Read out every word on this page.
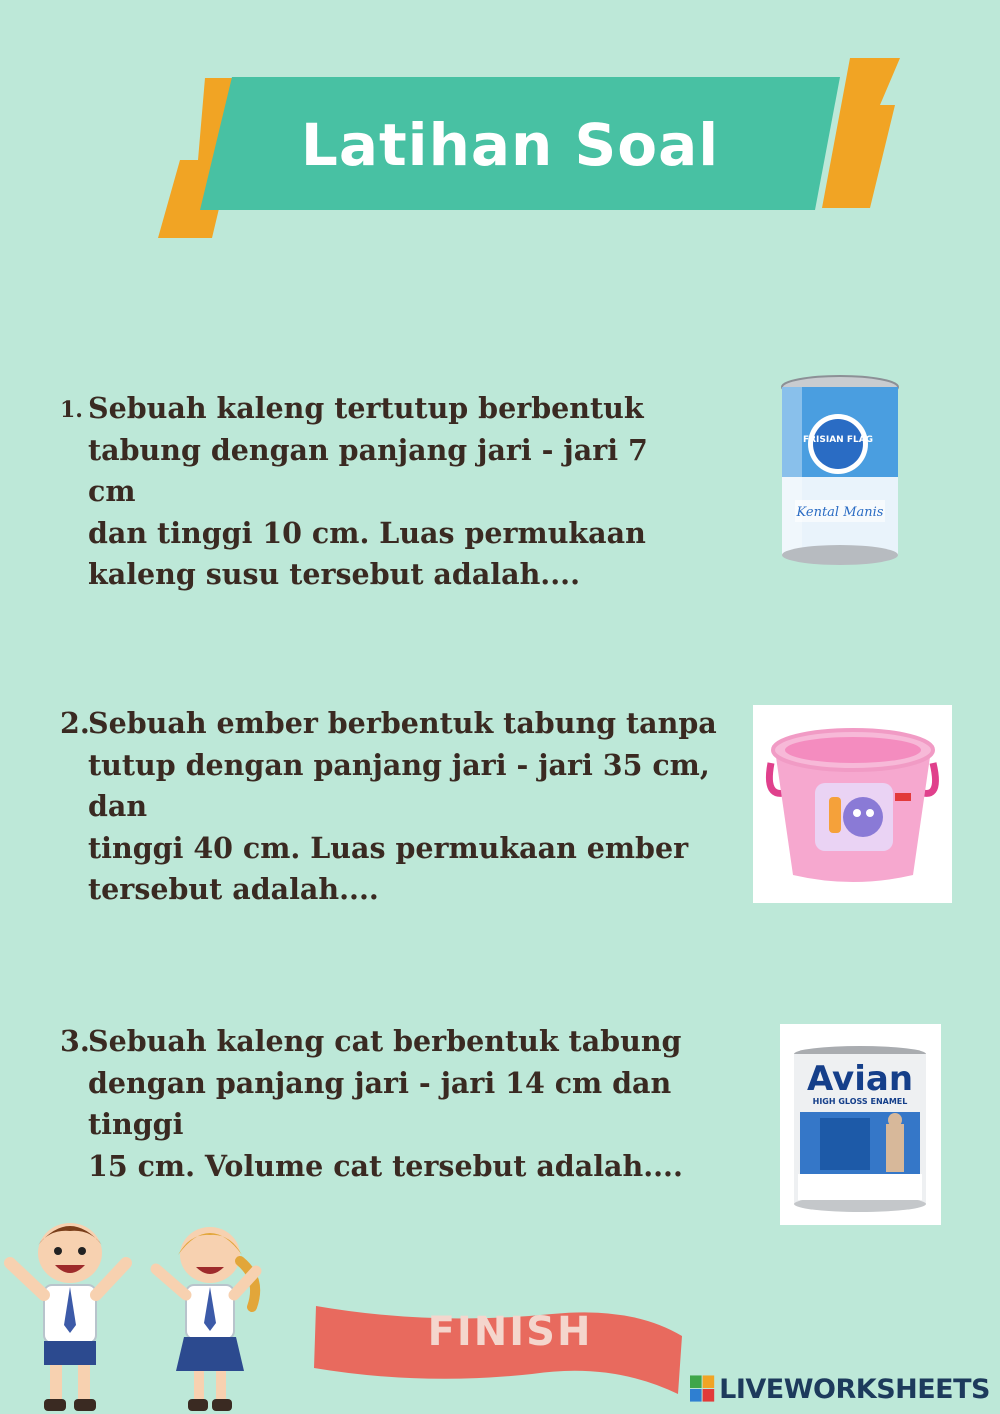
Latihan Soal
1. Sebuah kaleng tertutup berbentuk
tabung dengan panjang jari - jari 7 cm
dan tinggi 10 cm. Luas permukaan
kaleng susu tersebut adalah....
2.
Sebuah ember berbentuk tabung tanpa
tutup dengan panjang jari - jari 35 cm, dan
tinggi 40 cm. Luas permukaan ember
tersebut adalah....
3.
Sebuah kaleng cat berbentuk tabung
dengan panjang jari - jari 14 cm dan tinggi
15 cm. Volume cat tersebut adalah....
FRISIAN FLAG
Kental Manis
Avian
HIGH GLOSS ENAMEL
FINISH
LIVEWORKSHEETS
